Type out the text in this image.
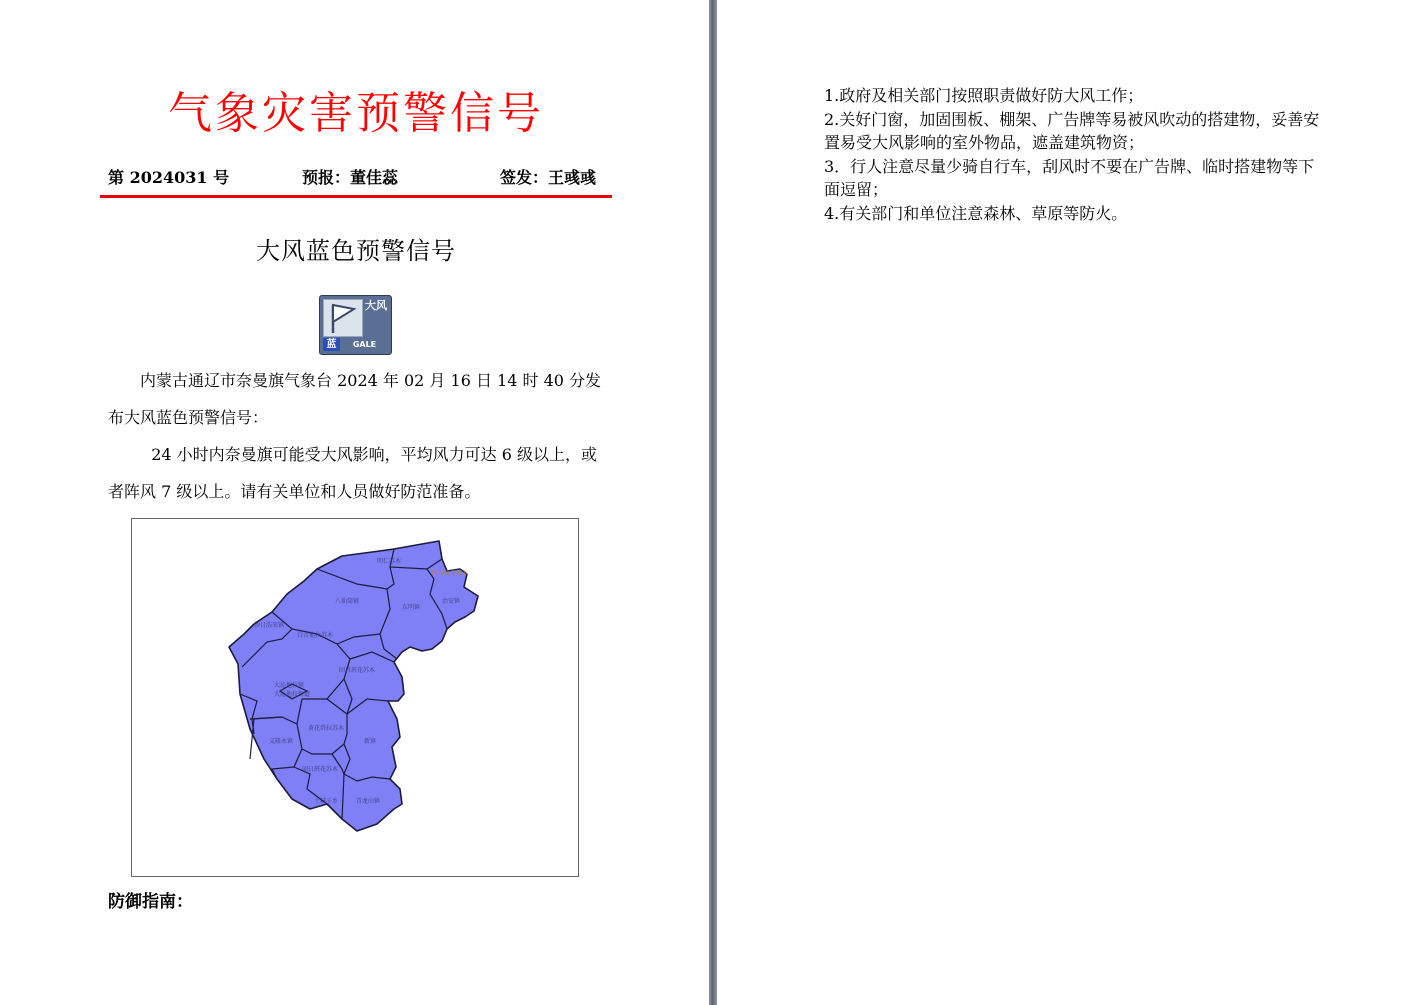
气象灾害预警信号
第 2024031 号	预报：董佳蕊	签发：王彧彧
大风蓝色预警信号
大风
蓝	GALE

内蒙古通辽市奈曼旗气象台 2024 年 02 月 16 日 14 时 40 分发布大风蓝色预警信号：

24 小时内奈曼旗可能受大风影响，平均风力可达 6 级以上，或者阵风 7 级以上。请有关单位和人员做好防范准备。

明仁苏木
固日班花苏木
八仙筒镇	治安镇
东明镇
沙日浩来镇
白音他拉苏木
固日班花苏木
大沁他拉镇
大沁他拉街道
黄花塔拉苏木
新镇
义隆永镇
固日班花苏木
土城子乡	青龙山镇

防御指南：

1.政府及相关部门按照职责做好防大风工作；
2.关好门窗，加固围板、棚架、广告牌等易被风吹动的搭建物，妥善安置易受大风影响的室外物品，遮盖建筑物资；
3．行人注意尽量少骑自行车，刮风时不要在广告牌、临时搭建物等下面逗留；
4.有关部门和单位注意森林、草原等防火。
